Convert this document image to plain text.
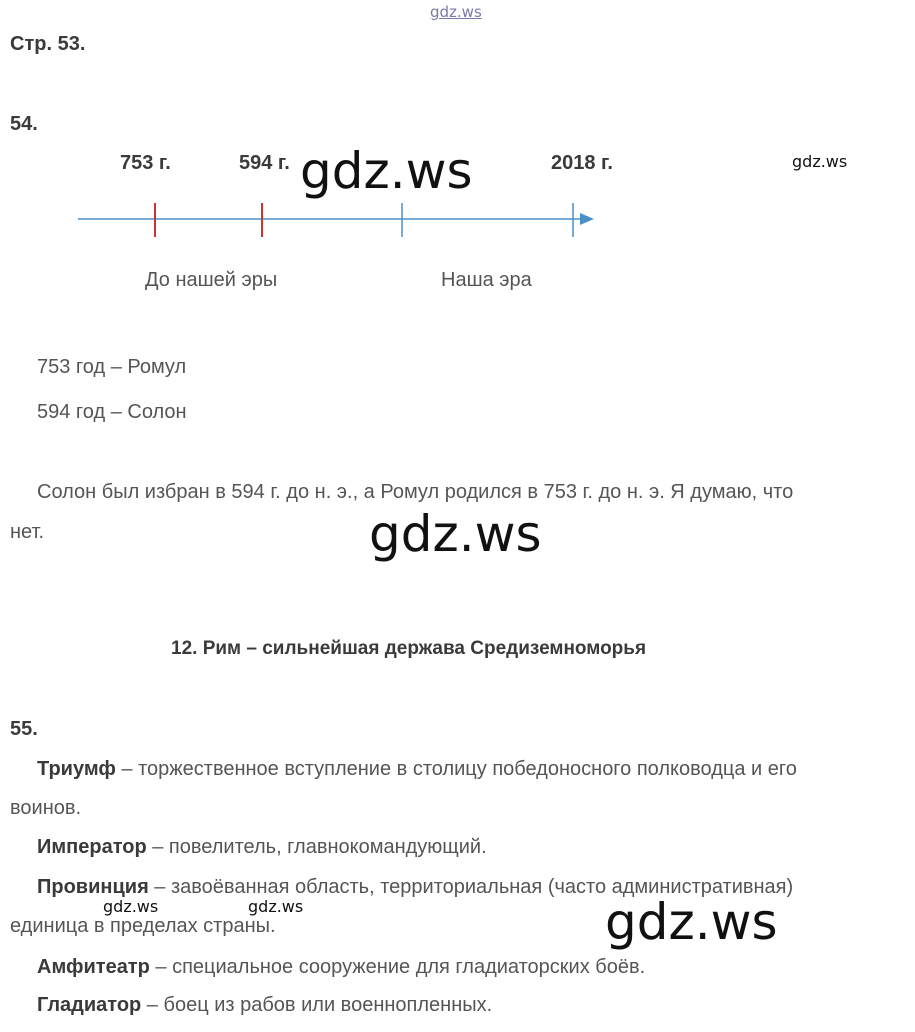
gdz.ws
Стр. 53.
54.
753 г.	594 г.	2018 г.
До нашей эры	Наша эра
gdz.ws	gdz.ws
753 год – Ромул
594 год – Солон
Солон был избран в 594 г. до н. э., а Ромул родился в 753 г. до н. э. Я думаю, что
нет.	gdz.ws
12. Рим – сильнейшая держава Средиземноморья
55.
Триумф – торжественное вступление в столицу победоносного полководца и его
воинов.
Император – повелитель, главнокомандующий.
Провинция – завоёванная область, территориальная (часто административная)
единица в пределах страны.
gdz.ws	gdz.ws	gdz.ws
Амфитеатр – специальное сооружение для гладиаторских боёв.
Гладиатор – боец из рабов или военнопленных.
